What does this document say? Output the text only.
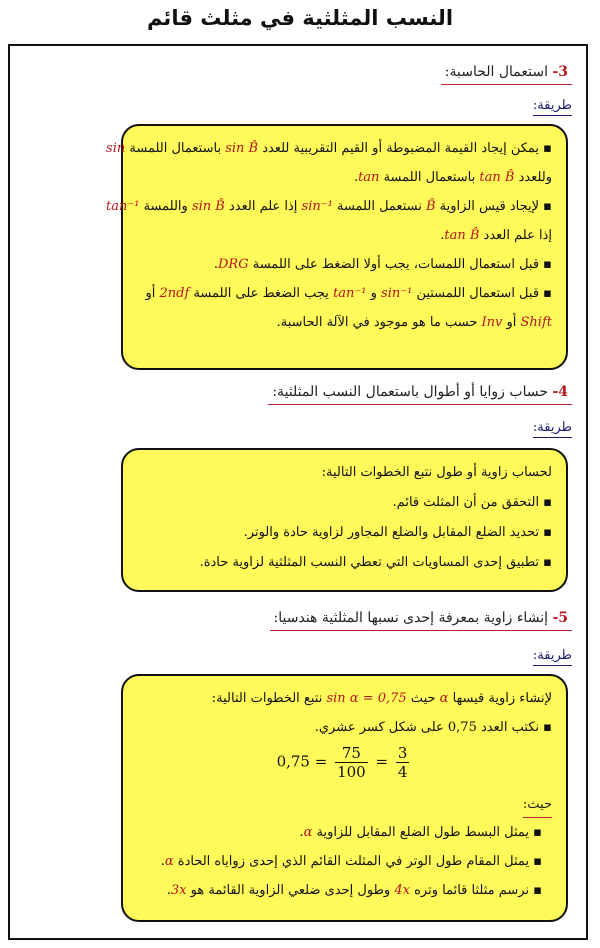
النسب المثلثية في مثلث قائم
3- استعمال الحاسبة:
طريقة:
▪ يمكن إيجاد القيمة المضبوطة أو القيم التقريبية للعدد sin B̂ باستعمال اللمسة sin
وللعدد tan B̂ باستعمال اللمسة tan.
▪ لإيجاد قيس الزاوية B̂ نستعمل اللمسة sin⁻¹ إذا علم العدد sin B̂ واللمسة tan⁻¹
إذا علم العدد tan B̂.
▪ قبل استعمال اللمسات، يجب أولا الضغط على اللمسة DRG.
▪ قبل استعمال اللمستين sin⁻¹ و tan⁻¹ يجب الضغط على اللمسة 2ndf أو
Shift أو Inv حسب ما هو موجود في الآلة الحاسبة.
4- حساب زوايا أو أطوال باستعمال النسب المثلثية:
طريقة:
لحساب زاوية أو طول نتبع الخطوات التالية:
▪ التحقق من أن المثلث قائم.
▪ تحديد الضلع المقابل والضلع المجاور لزاوية حادة والوتر.
▪ تطبيق إحدى المساويات التي تعطي النسب المثلثية لزاوية حادة.
5- إنشاء زاوية بمعرفة إحدى نسبها المثلثية هندسيا:
طريقة:
لإنشاء زاوية قيسها α حيث sin α = 0,75 نتبع الخطوات التالية:
▪ نكتب العدد 0,75 على شكل كسر عشري.
$0,75 = \frac{75}{100} = \frac{3}{4}$
حيث:
▪ يمثل البسط طول الضلع المقابل للزاوية α.
▪ يمثل المقام طول الوتر في المثلث القائم الذي إحدى زواياه الحادة α.
▪ نرسم مثلثا قائما وتره 4x وطول إحدى ضلعي الزاوية القائمة هو 3x.
